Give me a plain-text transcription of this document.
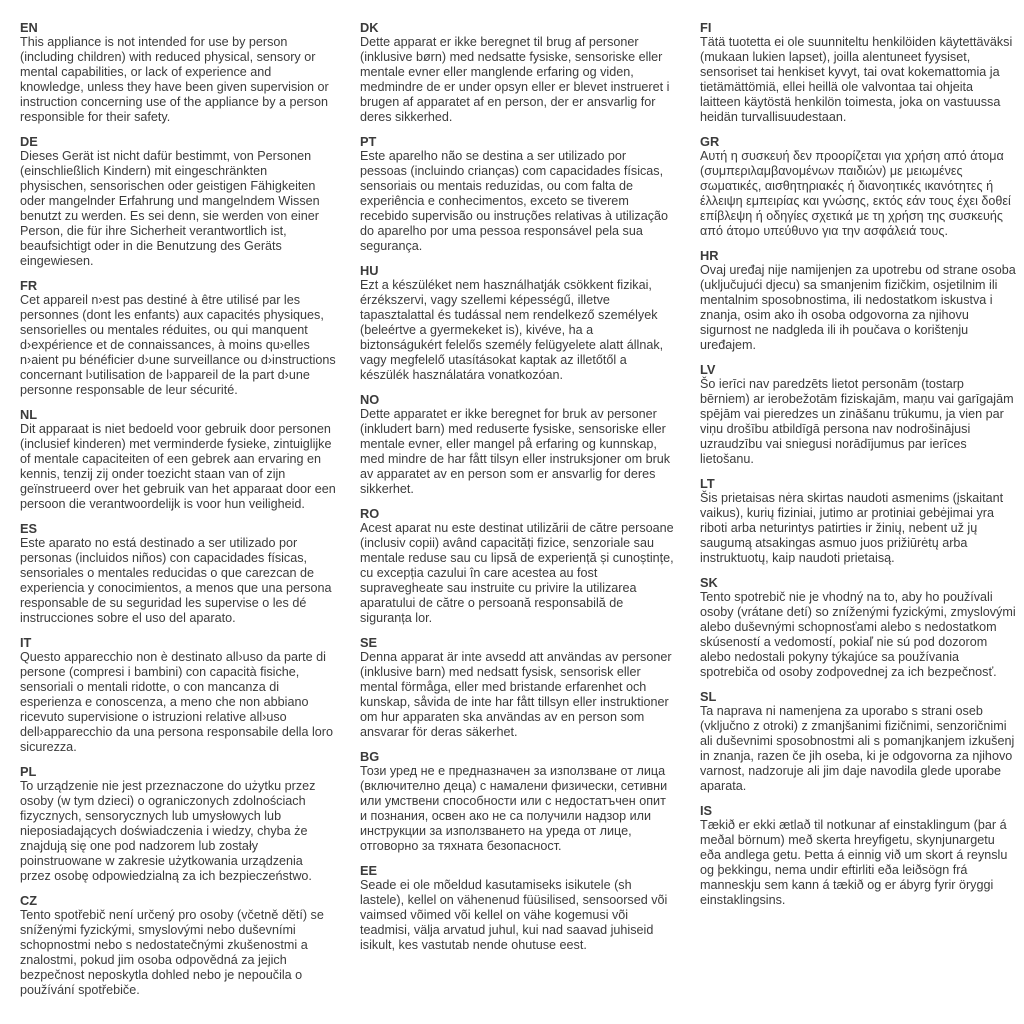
EN
This appliance is not intended for use by person (including children) with reduced physical, sensory or mental capabilities, or lack of experience and knowledge, unless they have been given supervision or instruction concerning use of the appliance by a person responsible for their safety.
DE
Dieses Gerät ist nicht dafür bestimmt, von Personen (einschließlich Kindern) mit eingeschränkten physischen, sensorischen oder geistigen Fähigkeiten oder mangelnder Erfahrung und mangelndem Wissen benutzt zu werden. Es sei denn, sie werden von einer Person, die für ihre Sicherheit verantwortlich ist, beaufsichtigt oder in die Benutzung des Geräts eingewiesen.
FR
Cet appareil n›est pas destiné à être utilisé par les personnes (dont les enfants) aux capacités physiques, sensorielles ou mentales réduites, ou qui manquent d›expérience et de connaissances, à moins qu›elles n›aient pu bénéficier d›une surveillance ou d›instructions concernant l›utilisation de l›appareil de la part d›une personne responsable de leur sécurité.
NL
Dit apparaat is niet bedoeld voor gebruik door personen (inclusief kinderen) met verminderde fysieke, zintuiglijke of mentale capaciteiten of een gebrek aan ervaring en kennis, tenzij zij onder toezicht staan van of zijn geïnstrueerd over het gebruik van het apparaat door een persoon die verantwoordelijk is voor hun veiligheid.
ES
Este aparato no está destinado a ser utilizado por personas (incluidos niños) con capacidades físicas, sensoriales o mentales reducidas o que carezcan de experiencia y conocimientos, a menos que una persona responsable de su seguridad les supervise o les dé instrucciones sobre el uso del aparato.
IT
Questo apparecchio non è destinato all›uso da parte di persone (compresi i bambini) con capacità fisiche, sensoriali o mentali ridotte, o con mancanza di esperienza e conoscenza, a meno che non abbiano ricevuto supervisione o istruzioni relative all›uso dell›apparecchio da una persona responsabile della loro sicurezza.
PL
To urządzenie nie jest przeznaczone do użytku przez osoby (w tym dzieci) o ograniczonych zdolnościach fizycznych, sensorycznych lub umysłowych lub nieposiadających doświadczenia i wiedzy, chyba że znajdują się one pod nadzorem lub zostały poinstruowane w zakresie użytkowania urządzenia przez osobę odpowiedzialną za ich bezpieczeństwo.
CZ
Tento spotřebič není určený pro osoby (včetně dětí) se sníženými fyzickými, smyslovými nebo duševními schopnostmi nebo s nedostatečnými zkušenostmi a znalostmi, pokud jim osoba odpovědná za jejich bezpečnost neposkytla dohled nebo je nepoučila o používání spotřebiče.
DK
Dette apparat er ikke beregnet til brug af personer (inklusive børn) med nedsatte fysiske, sensoriske eller mentale evner eller manglende erfaring og viden, medmindre de er under opsyn eller er blevet instrueret i brugen af apparatet af en person, der er ansvarlig for deres sikkerhed.
PT
Este aparelho não se destina a ser utilizado por pessoas (incluindo crianças) com capacidades físicas, sensoriais ou mentais reduzidas, ou com falta de experiência e conhecimentos, exceto se tiverem recebido supervisão ou instruções relativas à utilização do aparelho por uma pessoa responsável pela sua segurança.
HU
Ezt a készüléket nem használhatják csökkent fizikai, érzékszervi, vagy szellemi képességű, illetve tapasztalattal és tudással nem rendelkező személyek (beleértve a gyermekeket is), kivéve, ha a biztonságukért felelős személy felügyelete alatt állnak, vagy megfelelő utasításokat kaptak az illetőtől a készülék használatára vonatkozóan.
NO
Dette apparatet er ikke beregnet for bruk av personer (inkludert barn) med reduserte fysiske, sensoriske eller mentale evner, eller mangel på erfaring og kunnskap, med mindre de har fått tilsyn eller instruksjoner om bruk av apparatet av en person som er ansvarlig for deres sikkerhet.
RO
Acest aparat nu este destinat utilizării de către persoane (inclusiv copii) având capacități fizice, senzoriale sau mentale reduse sau cu lipsă de experiență și cunoștințe, cu excepția cazului în care acestea au fost supravegheate sau instruite cu privire la utilizarea aparatului de către o persoană responsabilă de siguranța lor.
SE
Denna apparat är inte avsedd att användas av personer (inklusive barn) med nedsatt fysisk, sensorisk eller mental förmåga, eller med bristande erfarenhet och kunskap, såvida de inte har fått tillsyn eller instruktioner om hur apparaten ska användas av en person som ansvarar för deras säkerhet.
BG
Този уред не е предназначен за използване от лица (включително деца) с намалени физически, сетивни или умствени способности или с недостатъчен опит и познания, освен ако не са получили надзор или инструкции за използването на уреда от лице, отговорно за тяхната безопасност.
EE
Seade ei ole mõeldud kasutamiseks isikutele (sh lastele), kellel on vähenenud füüsilised, sensoorsed või vaimsed võimed või kellel on vähe kogemusi või teadmisi, välja arvatud juhul, kui nad saavad juhiseid isikult, kes vastutab nende ohutuse eest.
FI
Tätä tuotetta ei ole suunniteltu henkilöiden käytettäväksi (mukaan lukien lapset), joilla alentuneet fyysiset, sensoriset tai henkiset kyvyt, tai ovat kokemattomia ja tietämättömiä, ellei heillä ole valvontaa tai ohjeita laitteen käytöstä henkilön toimesta, joka on vastuussa heidän turvallisuudestaan.
GR
Αυτή η συσκευή δεν προορίζεται για χρήση από άτομα (συμπεριλαμβανομένων παιδιών) με μειωμένες σωματικές, αισθητηριακές ή διανοητικές ικανότητες ή έλλειψη εμπειρίας και γνώσης, εκτός εάν τους έχει δοθεί επίβλεψη ή οδηγίες σχετικά με τη χρήση της συσκευής από άτομο υπεύθυνο για την ασφάλειά τους.
HR
Ovaj uređaj nije namijenjen za upotrebu od strane osoba (uključujući djecu) sa smanjenim fizičkim, osjetilnim ili mentalnim sposobnostima, ili nedostatkom iskustva i znanja, osim ako ih osoba odgovorna za njihovu sigurnost ne nadgleda ili ih poučava o korištenju uređajem.
LV
Šo ierīci nav paredzēts lietot personām (tostarp bērniem) ar ierobežotām fiziskajām, maņu vai garīgajām spējām vai pieredzes un zināšanu trūkumu, ja vien par viņu drošību atbildīgā persona nav nodrošinājusi uzraudzību vai sniegusi norādījumus par ierīces lietošanu.
LT
Šis prietaisas nėra skirtas naudoti asmenims (įskaitant vaikus), kurių fiziniai, jutimo ar protiniai gebėjimai yra riboti arba neturintys patirties ir žinių, nebent už jų saugumą atsakingas asmuo juos prižiūrėtų arba instruktuotų, kaip naudoti prietaisą.
SK
Tento spotrebič nie je vhodný na to, aby ho používali osoby (vrátane detí) so zníženými fyzickými, zmyslovými alebo duševnými schopnosťami alebo s nedostatkom skúseností a vedomostí, pokiaľ nie sú pod dozorom alebo nedostali pokyny týkajúce sa používania spotrebiča od osoby zodpovednej za ich bezpečnosť.
SL
Ta naprava ni namenjena za uporabo s strani oseb (vključno z otroki) z zmanjšanimi fizičnimi, senzoričnimi ali duševnimi sposobnostmi ali s pomanjkanjem izkušenj in znanja, razen če jih oseba, ki je odgovorna za njihovo varnost, nadzoruje ali jim daje navodila glede uporabe aparata.
IS
Tækið er ekki ætlað til notkunar af einstaklingum (þar á meðal börnum) með skerta hreyfigetu, skynjunargetu eða andlega getu. Þetta á einnig við um skort á reynslu og þekkingu, nema undir eftirliti eða leiðsögn frá manneskju sem kann á tækið og er ábyrg fyrir öryggi einstaklingsins.
